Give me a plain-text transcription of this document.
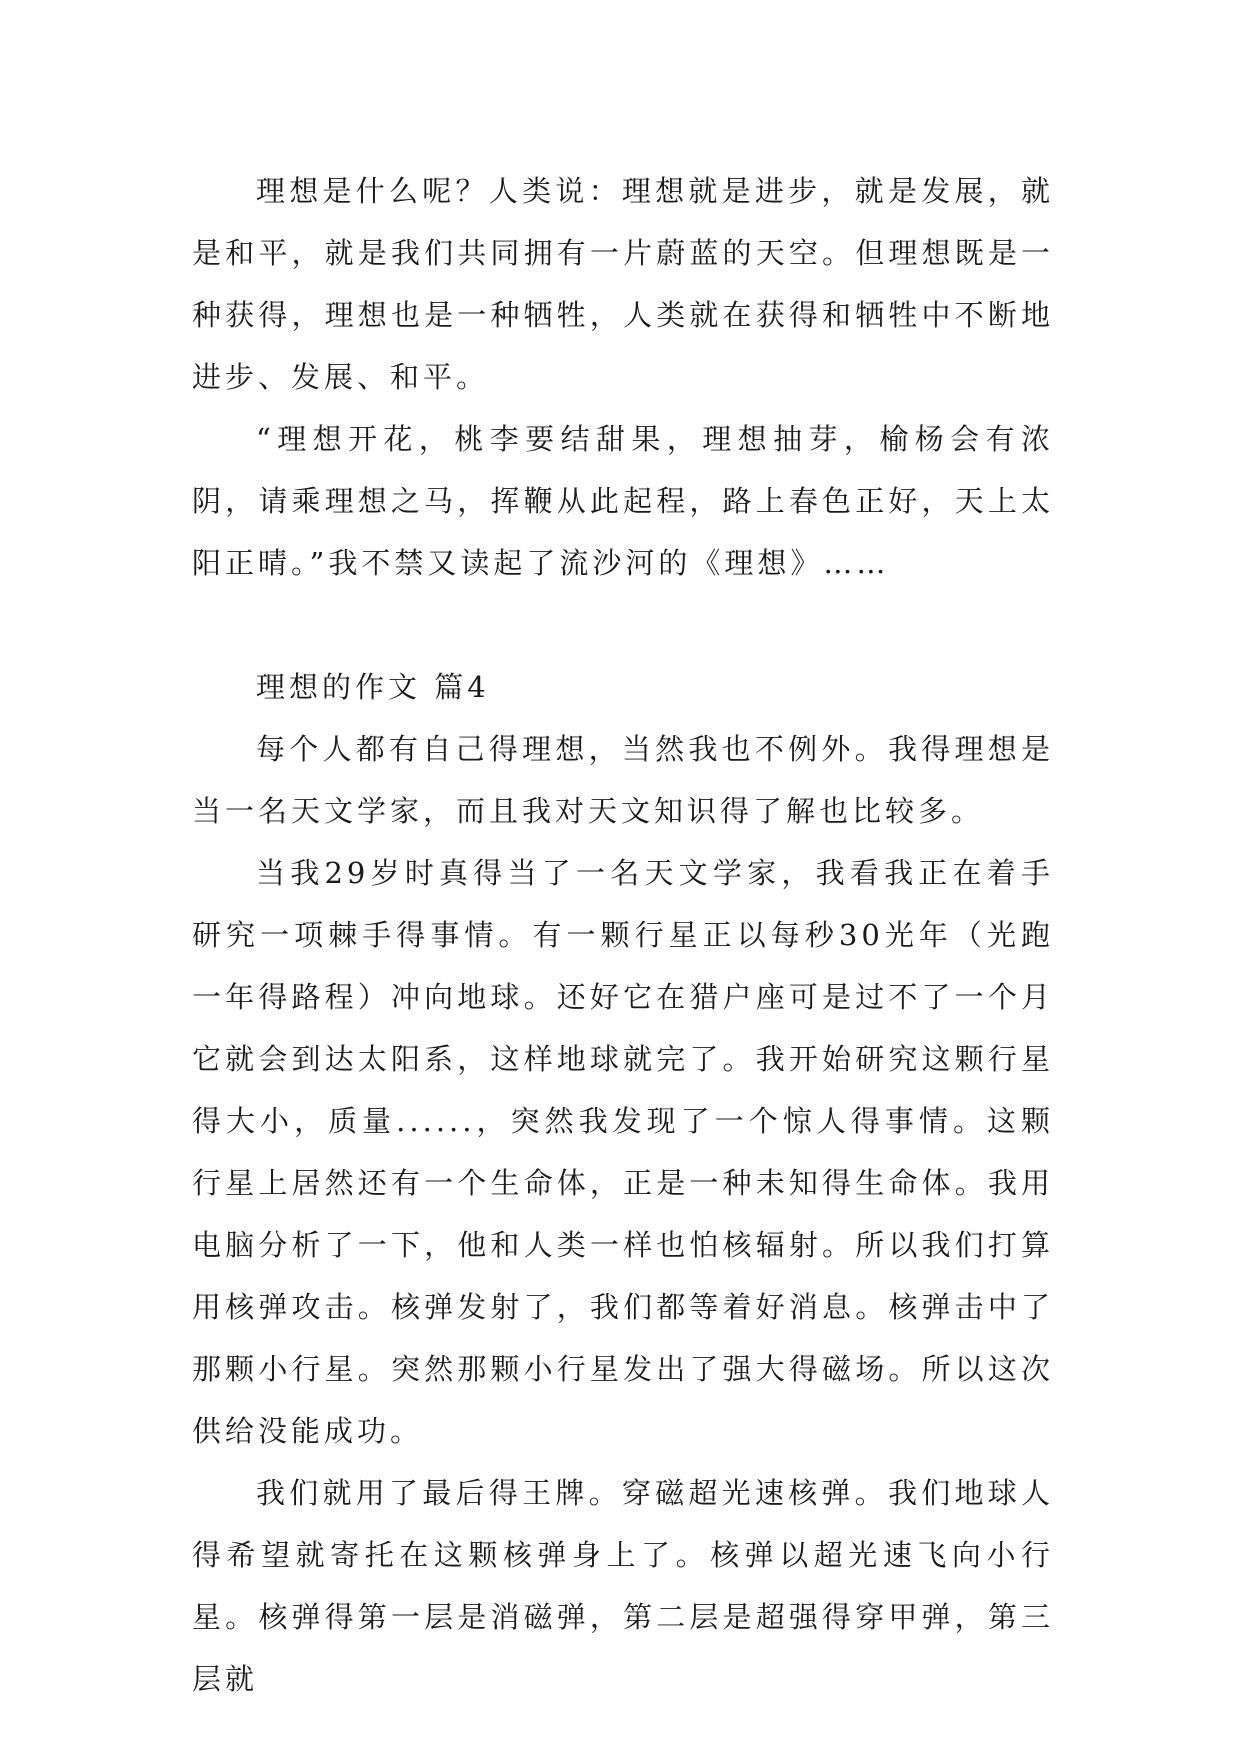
理想是什么呢？人类说：理想就是进步，就是发展，就是和平，就是我们共同拥有一片蔚蓝的天空。但理想既是一种获得，理想也是一种牺牲，人类就在获得和牺牲中不断地进步、发展、和平。

“理想开花，桃李要结甜果，理想抽芽，榆杨会有浓阴，请乘理想之马，挥鞭从此起程，路上春色正好，天上太阳正晴。”我不禁又读起了流沙河的《理想》……

理想的作文 篇4

每个人都有自己得理想，当然我也不例外。我得理想是当一名天文学家，而且我对天文知识得了解也比较多。

当我29岁时真得当了一名天文学家，我看我正在着手研究一项棘手得事情。有一颗行星正以每秒30光年（光跑一年得路程）冲向地球。还好它在猎户座可是过不了一个月它就会到达太阳系，这样地球就完了。我开始研究这颗行星得大小，质量......，突然我发现了一个惊人得事情。这颗行星上居然还有一个生命体，正是一种未知得生命体。我用电脑分析了一下，他和人类一样也怕核辐射。所以我们打算用核弹攻击。核弹发射了，我们都等着好消息。核弹击中了那颗小行星。突然那颗小行星发出了强大得磁场。所以这次供给没能成功。

我们就用了最后得王牌。穿磁超光速核弹。我们地球人得希望就寄托在这颗核弹身上了。核弹以超光速飞向小行星。核弹得第一层是消磁弹，第二层是超强得穿甲弹，第三层就
